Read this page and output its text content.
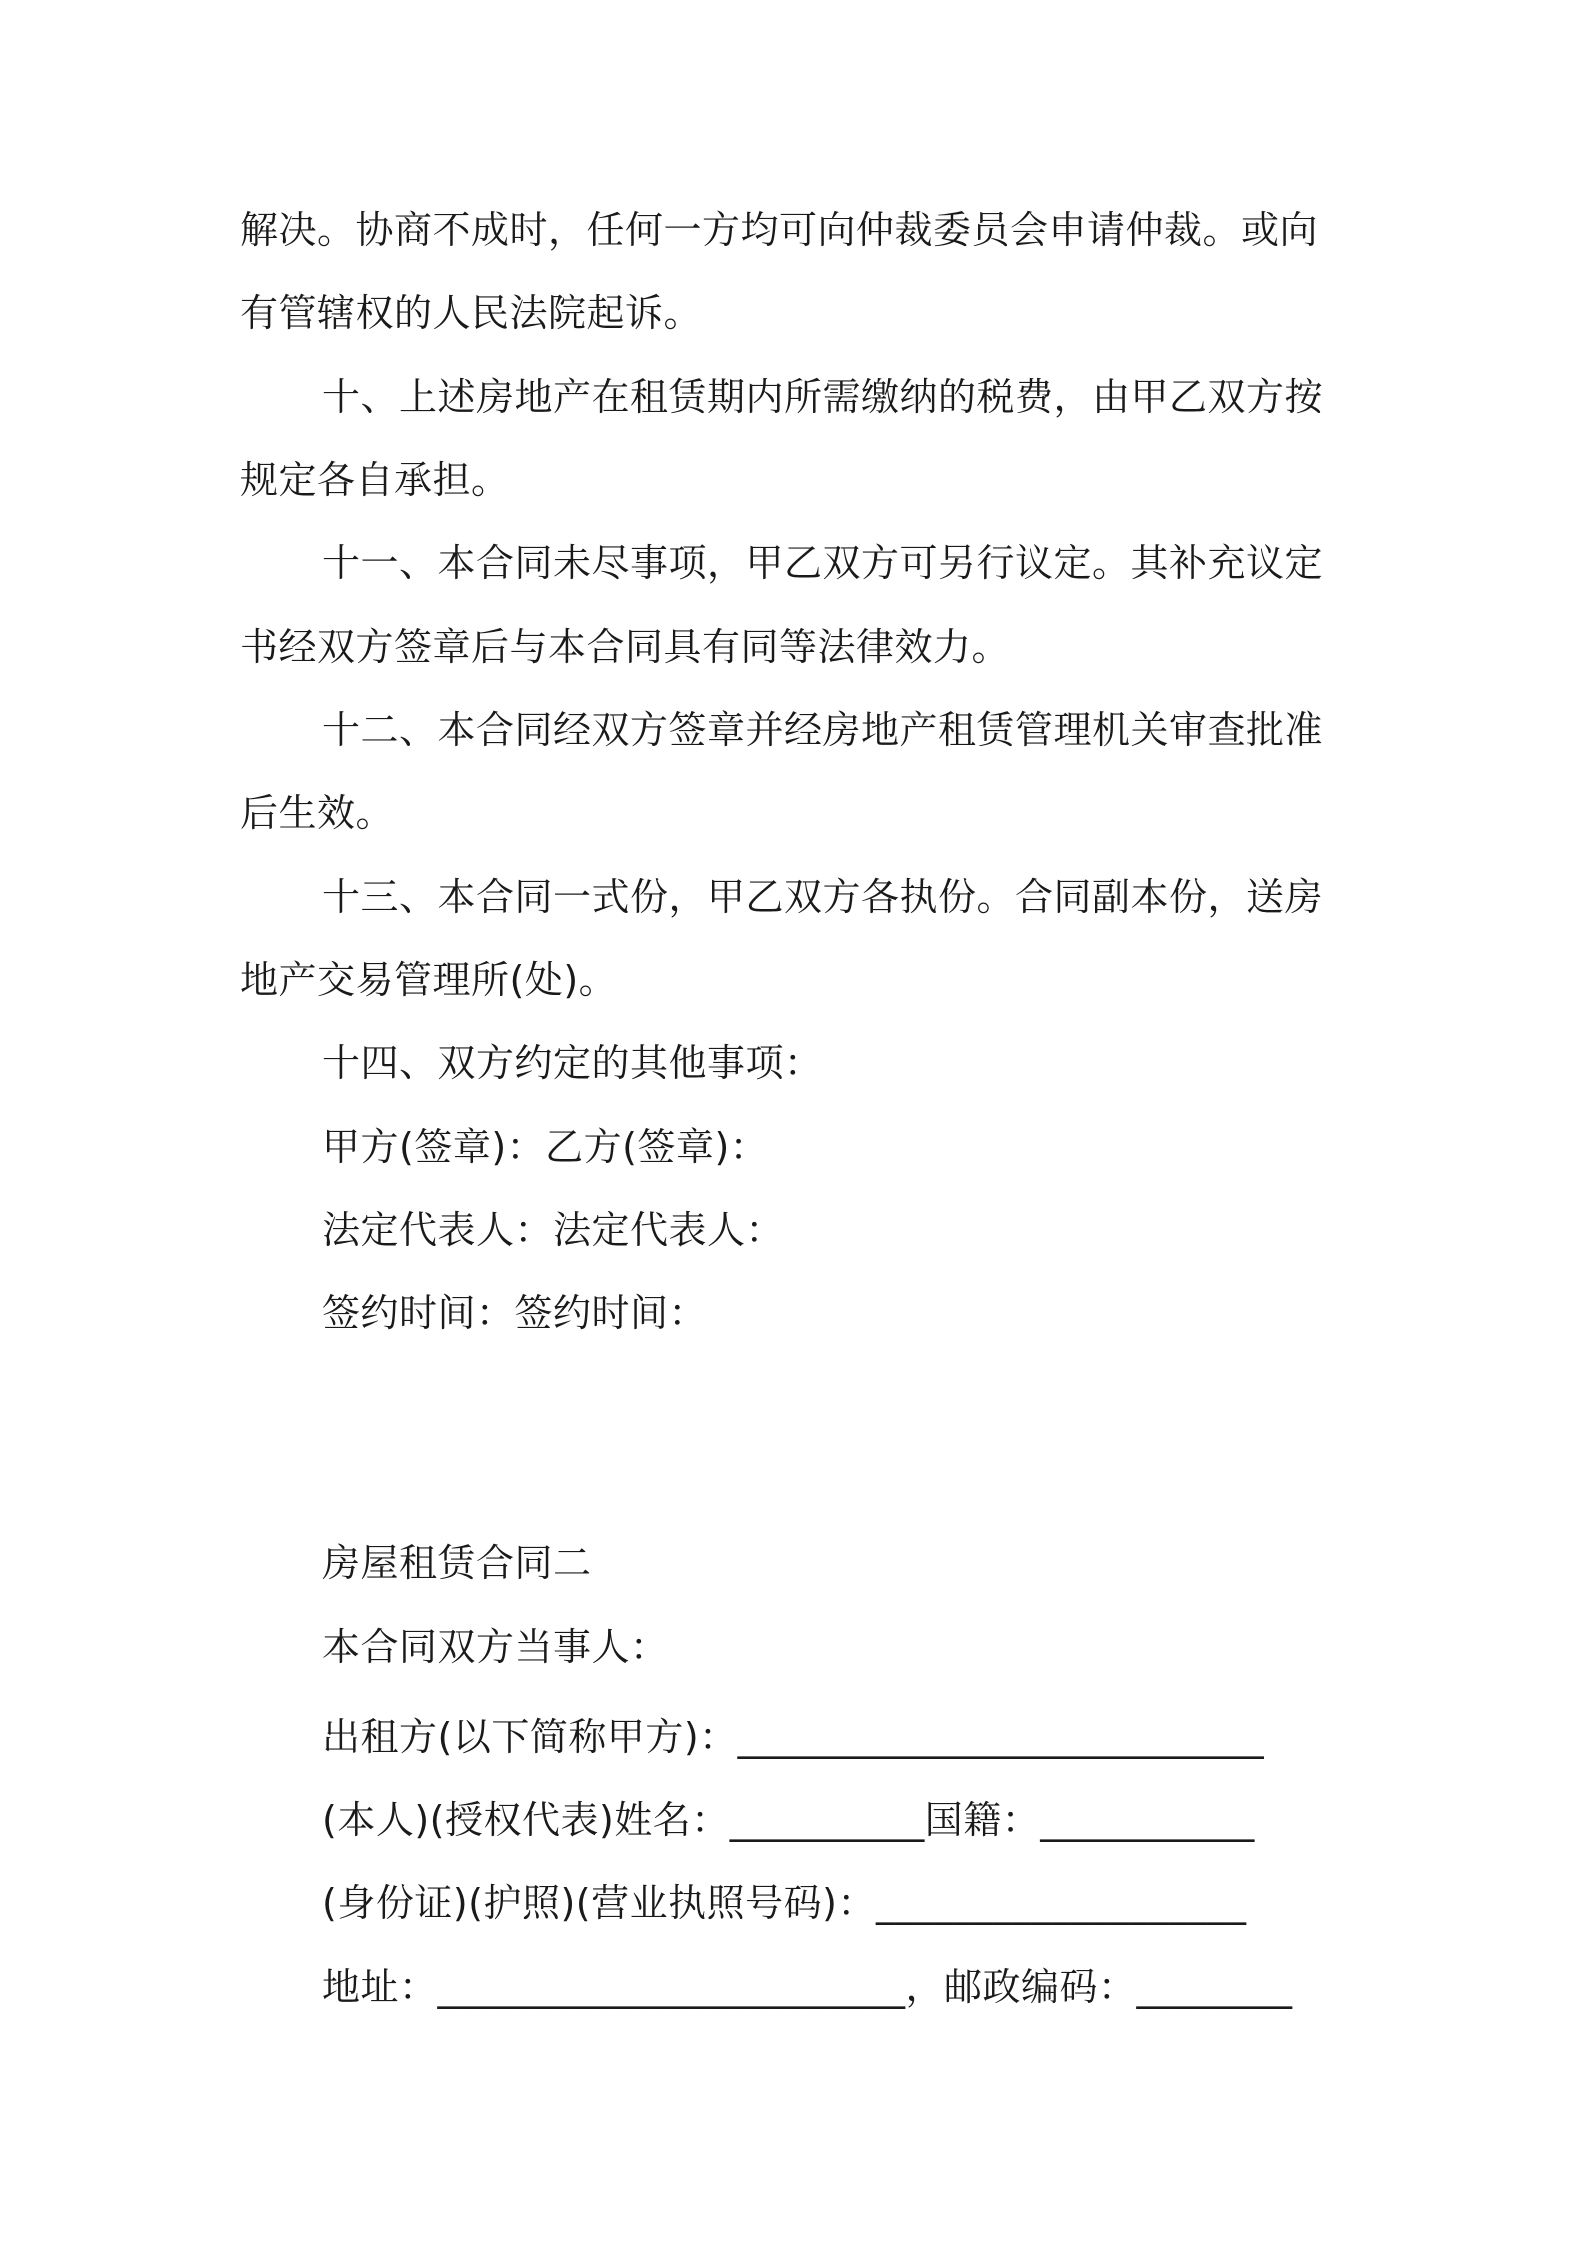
解决。协商不成时，任何一方均可向仲裁委员会申请仲裁。或向
有管辖权的人民法院起诉。
十、上述房地产在租赁期内所需缴纳的税费，由甲乙双方按
规定各自承担。
十一、本合同未尽事项，甲乙双方可另行议定。其补充议定
书经双方签章后与本合同具有同等法律效力。
十二、本合同经双方签章并经房地产租赁管理机关审查批准
后生效。
十三、本合同一式份，甲乙双方各执份。合同副本份，送房
地产交易管理所(处)。
十四、双方约定的其他事项：
甲方(签章)：乙方(签章)：
法定代表人：法定代表人：
签约时间：签约时间：
房屋租赁合同二
本合同双方当事人：
出租方(以下简称甲方)：___________________________
(本人)(授权代表)姓名：__________国籍：___________
(身份证)(护照)(营业执照号码)：___________________
地址：________________________，邮政编码：________
